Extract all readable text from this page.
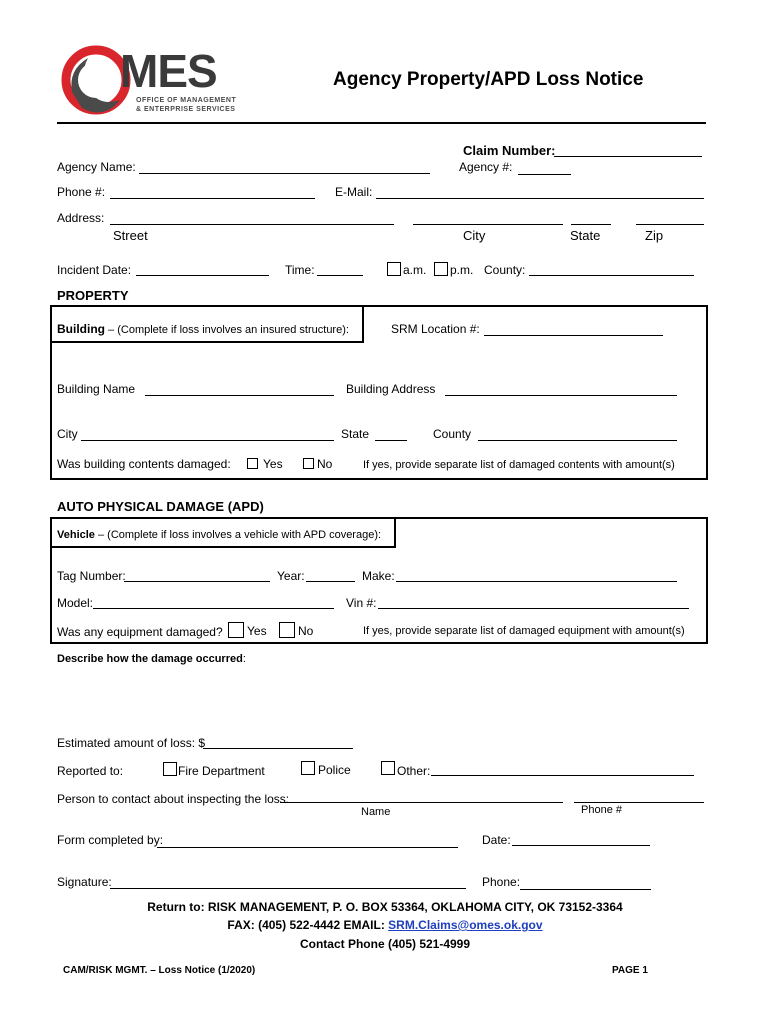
MES
OFFICE OF MANAGEMENT
& ENTERPRISE SERVICES
Agency Property/APD Loss Notice
Claim Number:
Agency #:
Agency Name:
Phone #:	E-Mail:
Address:
Street	City	State	Zip
Incident Date:	Time:	a.m. p.m. County:
PROPERTY
Building – (Complete if loss involves an insured structure):	SRM Location #:
Building Name	Building Address
City	State	County
Was building contents damaged:	Yes	No	If yes, provide separate list of damaged contents with amount(s)
AUTO PHYSICAL DAMAGE (APD)
Vehicle – (Complete if loss involves a vehicle with APD coverage):
Tag Number:	Year:	Make:
Model:	Vin #:
Was any equipment damaged? Yes	No	If yes, provide separate list of damaged equipment with amount(s)
Describe how the damage occurred:
Estimated amount of loss: $
Reported to:	Fire Department	Police	Other:
Person to contact about inspecting the loss:
Name	Phone #
Form completed by:	Date:
Signature:	Phone:
Return to: RISK MANAGEMENT, P. O. BOX 53364, OKLAHOMA CITY, OK 73152-3364
FAX: (405) 522-4442 EMAIL: SRM.Claims@omes.ok.gov
Contact Phone (405) 521-4999
CAM/RISK MGMT. – Loss Notice (1/2020)	PAGE 1
